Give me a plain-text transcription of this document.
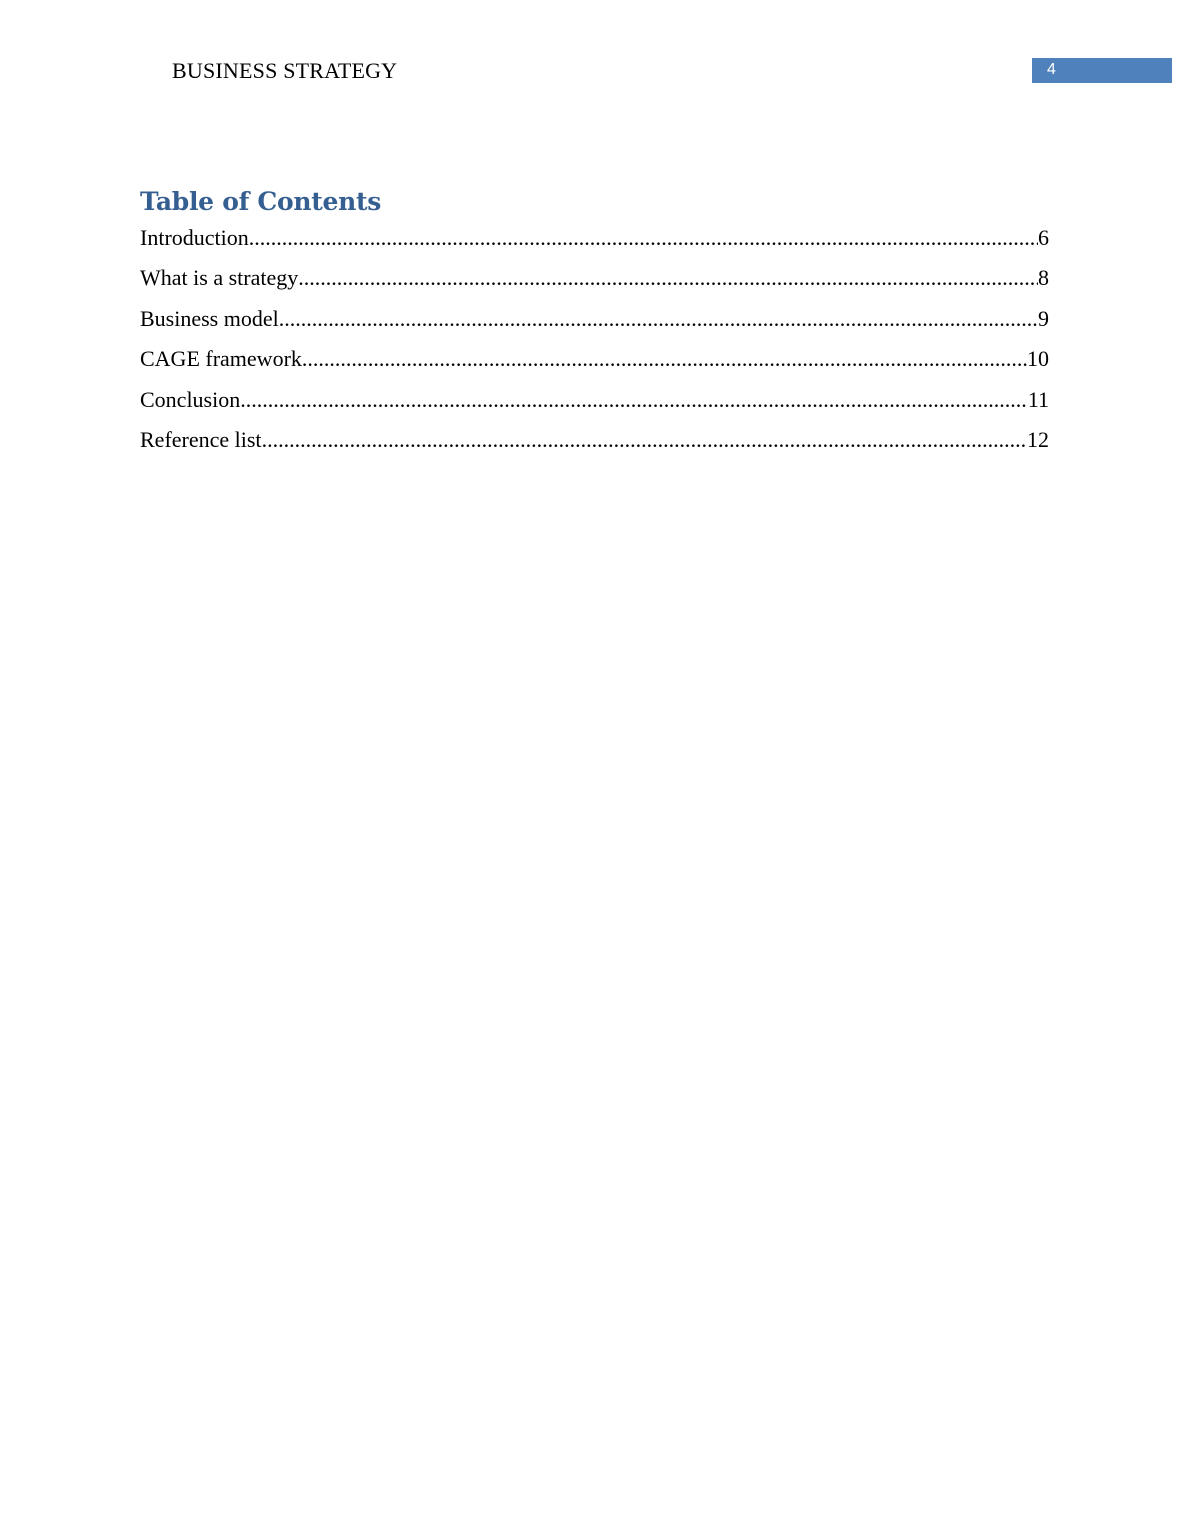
BUSINESS STRATEGY	4
Table of Contents
Introduction .....	6
What is a strategy .....	8
Business model .....	9
CAGE framework .....	10
Conclusion .....	11
Reference list .....	12
